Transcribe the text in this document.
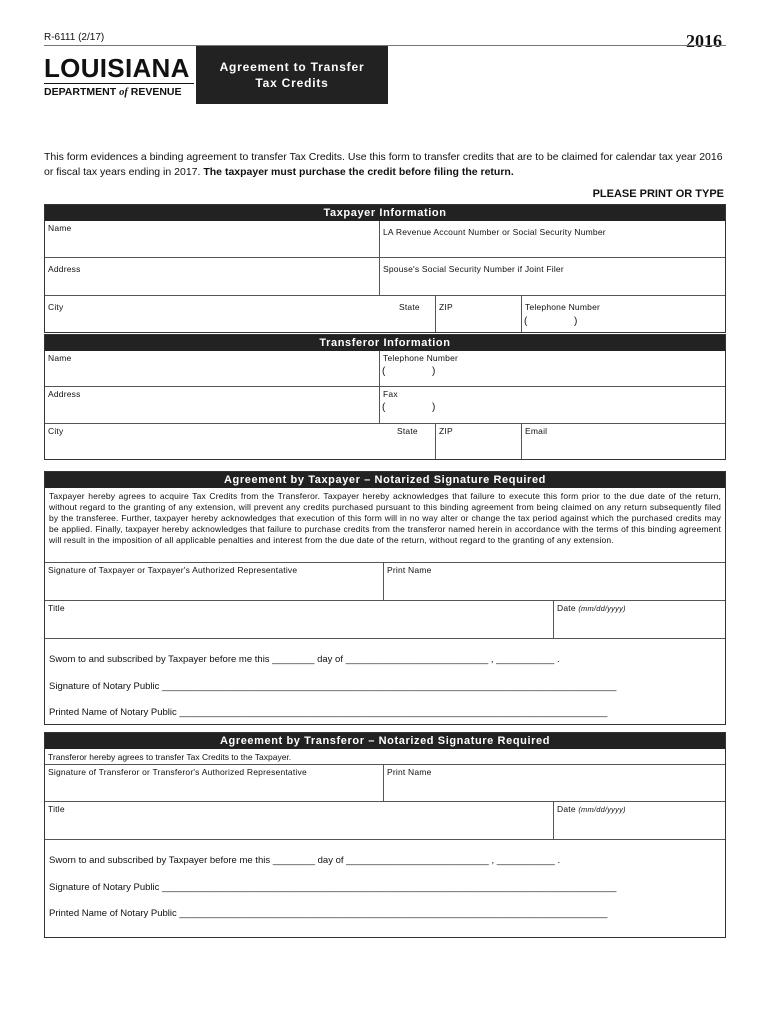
R-6111 (2/17)	2016
LOUISIANA
DEPARTMENT of REVENUE
Agreement to Transfer Tax Credits
This form evidences a binding agreement to transfer Tax Credits. Use this form to transfer credits that are to be claimed for calendar tax year 2016 or fiscal tax years ending in 2017. The taxpayer must purchase the credit before filing the return.
PLEASE PRINT OR TYPE
Taxpayer Information
Name	LA Revenue Account Number or Social Security Number
Address	Spouse's Social Security Number if Joint Filer
City	State	ZIP	Telephone Number
(	)
Transferor Information
Name	Telephone Number
(	)
Address	Fax
(	)
City	State	ZIP	Email
Agreement by Taxpayer – Notarized Signature Required
Taxpayer hereby agrees to acquire Tax Credits from the Transferor. Taxpayer hereby acknowledges that failure to execute this form prior to the due date of the return, without regard to the granting of any extension, will prevent any credits purchased pursuant to this binding agreement from being claimed on any return subsequently filed by the transferee. Further, taxpayer hereby acknowledges that execution of this form will in no way alter or change the tax period against which the purchased credits may be applied. Finally, taxpayer hereby acknowledges that failure to purchase credits from the transferor named herein in accordance with the terms of this binding agreement will result in the imposition of all applicable penalties and interest from the due date of the return, without regard to the granting of any extension.
Signature of Taxpayer or Taxpayer's Authorized Representative	Print Name
Title	Date (mm/dd/yyyy)
Swom to and subscribed by Taxpayer before me this ________ day of ___________________________ , ___________ .
Signature of Notary Public ______________________________________________________________________________________
Printed Name of Notary Public _________________________________________________________________________________
Agreement by Transferor – Notarized Signature Required
Transferor hereby agrees to transfer Tax Credits to the Taxpayer.
Signature of Transferor or Transferor's Authorized Representative	Print Name
Title	Date (mm/dd/yyyy)
Sworn to and subscribed by Taxpayer before me this ________ day of ___________________________ , ___________ .
Signature of Notary Public ______________________________________________________________________________________
Printed Name of Notary Public _________________________________________________________________________________
